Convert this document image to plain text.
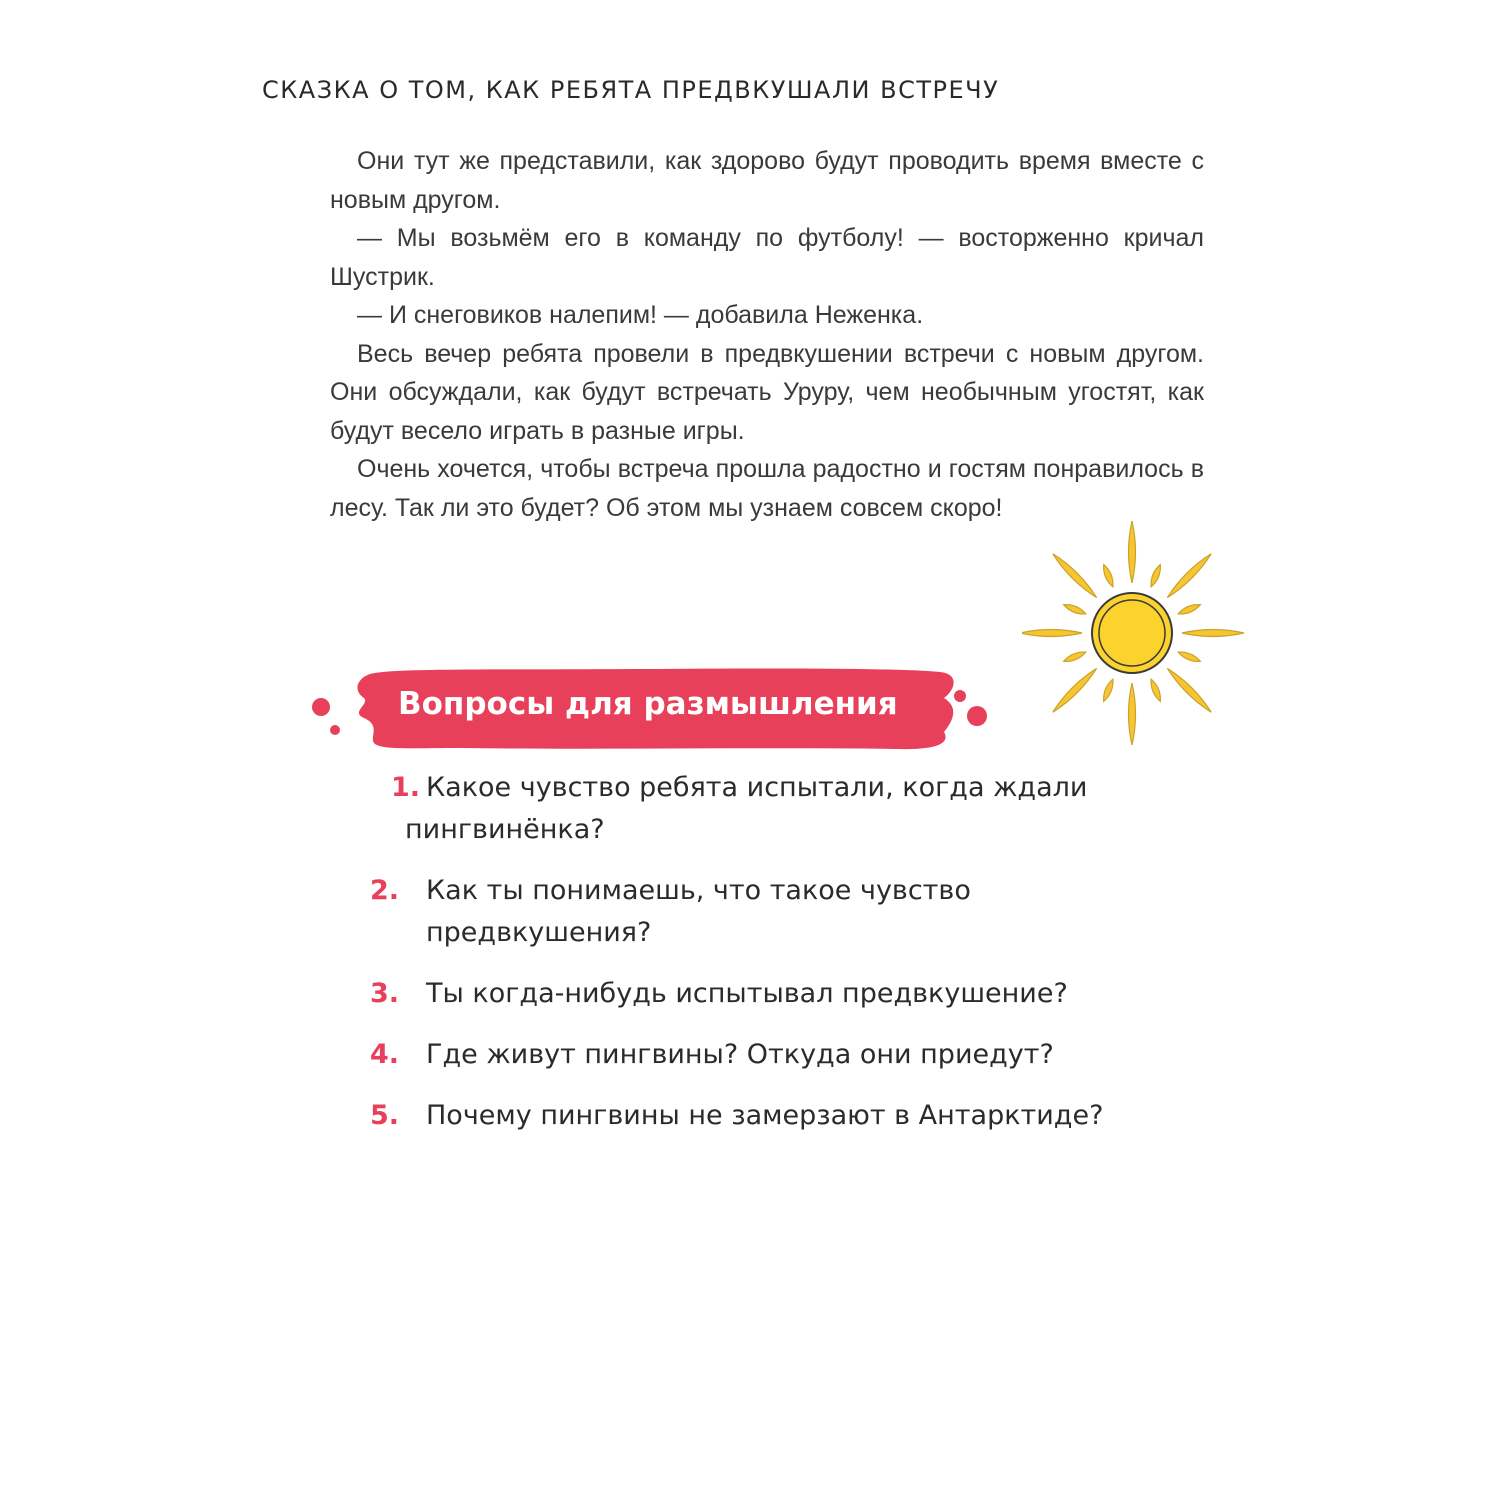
СКАЗКА О ТОМ, КАК РЕБЯТА ПРЕДВКУШАЛИ ВСТРЕЧУ

Они тут же представили, как здорово будут проводить время вместе с новым другом.

— Мы возьмём его в команду по футболу! — восторженно кричал Шустрик.

— И снеговиков налепим! — добавила Неженка.

Весь вечер ребята провели в предвкушении встречи с новым другом. Они обсуждали, как будут встречать Уруру, чем необычным угостят, как будут весело играть в разные игры.

Очень хочется, чтобы встреча прошла радостно и гостям понравилось в лесу. Так ли это будет? Об этом мы узнаем совсем скоро!

Вопросы для размышления
1. Какое чувство ребята испытали, когда ждали пингвинёнка?
2. Как ты понимаешь, что такое чувство предвкушения?
3. Ты когда-нибудь испытывал предвкушение?
4. Где живут пингвины? Откуда они приедут?
5. Почему пингвины не замерзают в Антарктиде?
